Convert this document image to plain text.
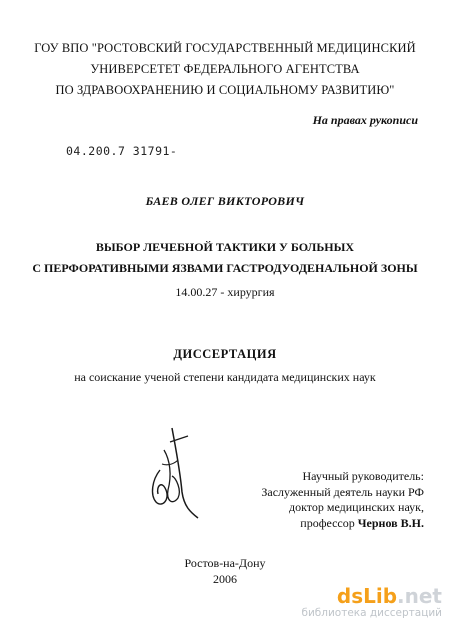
ГОУ ВПО "РОСТОВСКИЙ ГОСУДАРСТВЕННЫЙ МЕДИЦИНСКИЙ
УНИВЕРСЕТЕТ ФЕДЕРАЛЬНОГО АГЕНТСТВА
ПО ЗДРАВООХРАНЕНИЮ И СОЦИАЛЬНОМУ РАЗВИТИЮ"
На правах рукописи
04.200.7 31791-
БАЕВ ОЛЕГ ВИКТОРОВИЧ
ВЫБОР ЛЕЧЕБНОЙ ТАКТИКИ У БОЛЬНЫХ
С ПЕРФОРАТИВНЫМИ ЯЗВАМИ ГАСТРОДУОДЕНАЛЬНОЙ ЗОНЫ
14.00.27 - хирургия
ДИССЕРТАЦИЯ
на соискание ученой степени кандидата медицинских наук
Научный руководитель:
Заслуженный деятель науки РФ
доктор медицинских наук,
профессор Чернов В.Н.
Ростов-на-Дону
2006
dsLib.net
библиотека диссертаций
